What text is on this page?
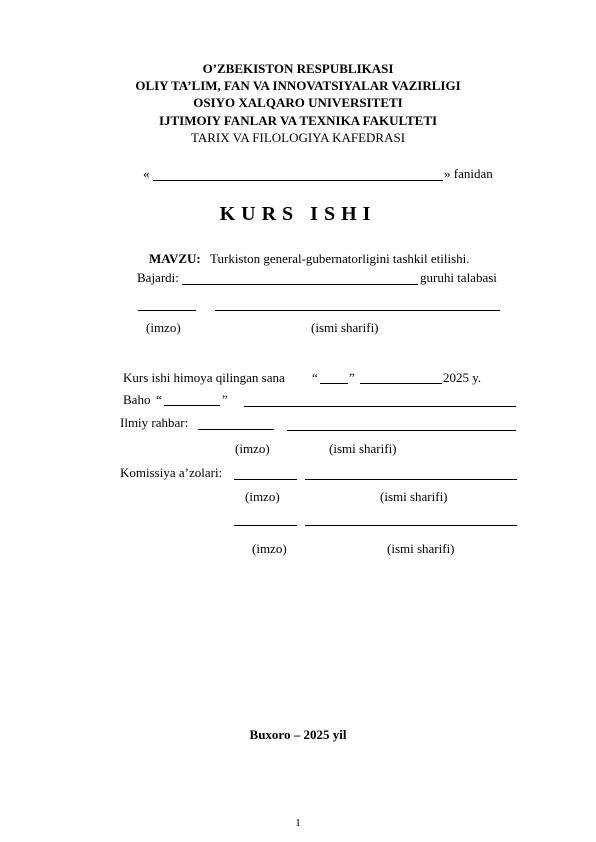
O’ZBEKISTON RESPUBLIKASI
OLIY TA’LIM, FAN VA INNOVATSIYALAR VAZIRLIGI
OSIYO XALQARO UNIVERSITETI
IJTIMOIY FANLAR VA TEXNIKA FAKULTETI
TARIX VA FILOLOGIYA KAFEDRASI
«	» fanidan
KURS ISHI
MAVZU: Turkiston general-gubernatorligini tashkil etilishi.
Bajardi:	guruhi talabasi
(imzo)	(ismi sharifi)
Kurs ishi himoya qilingan sana “ ”	2025 y.
Baho “	”
Ilmiy rahbar:
(imzo)	(ismi sharifi)
Komissiya a’zolari:
(imzo)	(ismi sharifi)
(imzo)	(ismi sharifi)
Buxoro – 2025 yil
1
